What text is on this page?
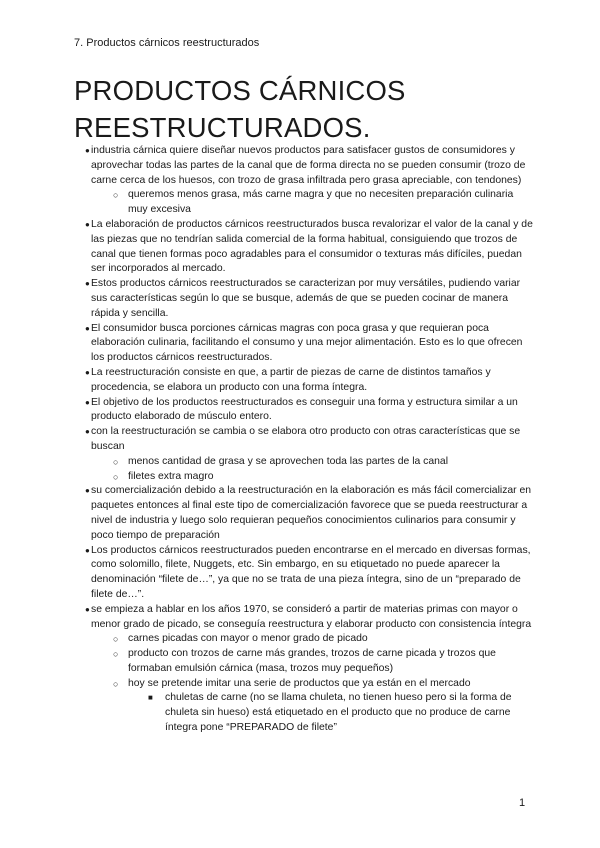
7. Productos cárnicos reestructurados
PRODUCTOS CÁRNICOS
REESTRUCTURADOS.
● industria cárnica quiere diseñar nuevos productos para satisfacer gustos de consumidores y aprovechar todas las partes de la canal que de forma directa no se pueden consumir (trozo de carne cerca de los huesos, con trozo de grasa infiltrada pero grasa apreciable, con tendones)
○ queremos menos grasa, más carne magra y que no necesiten preparación culinaria muy excesiva
● La elaboración de productos cárnicos reestructurados busca revalorizar el valor de la canal y de las piezas que no tendrían salida comercial de la forma habitual, consiguiendo que trozos de canal que tienen formas poco agradables para el consumidor o texturas más difíciles, puedan ser incorporados al mercado.
● Estos productos cárnicos reestructurados se caracterizan por muy versátiles, pudiendo variar sus características según lo que se busque, además de que se pueden cocinar de manera rápida y sencilla.
● El consumidor busca porciones cárnicas magras con poca grasa y que requieran poca elaboración culinaria, facilitando el consumo y una mejor alimentación. Esto es lo que ofrecen los productos cárnicos reestructurados.
● La reestructuración consiste en que, a partir de piezas de carne de distintos tamaños y procedencia, se elabora un producto con una forma íntegra.
● El objetivo de los productos reestructurados es conseguir una forma y estructura similar a un producto elaborado de músculo entero.
● con la reestructuración se cambia o se elabora otro producto con otras características que se buscan
○ menos cantidad de grasa y se aprovechen toda las partes de la canal
○ filetes extra magro
● su comercialización debido a la reestructuración en la elaboración es más fácil comercializar en paquetes entonces al final este tipo de comercialización favorece que se pueda reestructurar a nivel de industria y luego solo requieran pequeños conocimientos culinarios para consumir y poco tiempo de preparación
● Los productos cárnicos reestructurados pueden encontrarse en el mercado en diversas formas, como solomillo, filete, Nuggets, etc. Sin embargo, en su etiquetado no puede aparecer la denominación “filete de…”, ya que no se trata de una pieza íntegra, sino de un “preparado de filete de…”.
● se empieza a hablar en los años 1970, se consideró a partir de materias primas con mayor o menor grado de picado, se conseguía reestructura y elaborar producto con consistencia íntegra
○ carnes picadas con mayor o menor grado de picado
○ producto con trozos de carne más grandes, trozos de carne picada y trozos que formaban emulsión cárnica (masa, trozos muy pequeños)
○ hoy se pretende imitar una serie de productos que ya están en el mercado
■ chuletas de carne (no se llama chuleta, no tienen hueso pero si la forma de chuleta sin hueso) está etiquetado en el producto que no produce de carne íntegra pone “PREPARADO de filete”
1
